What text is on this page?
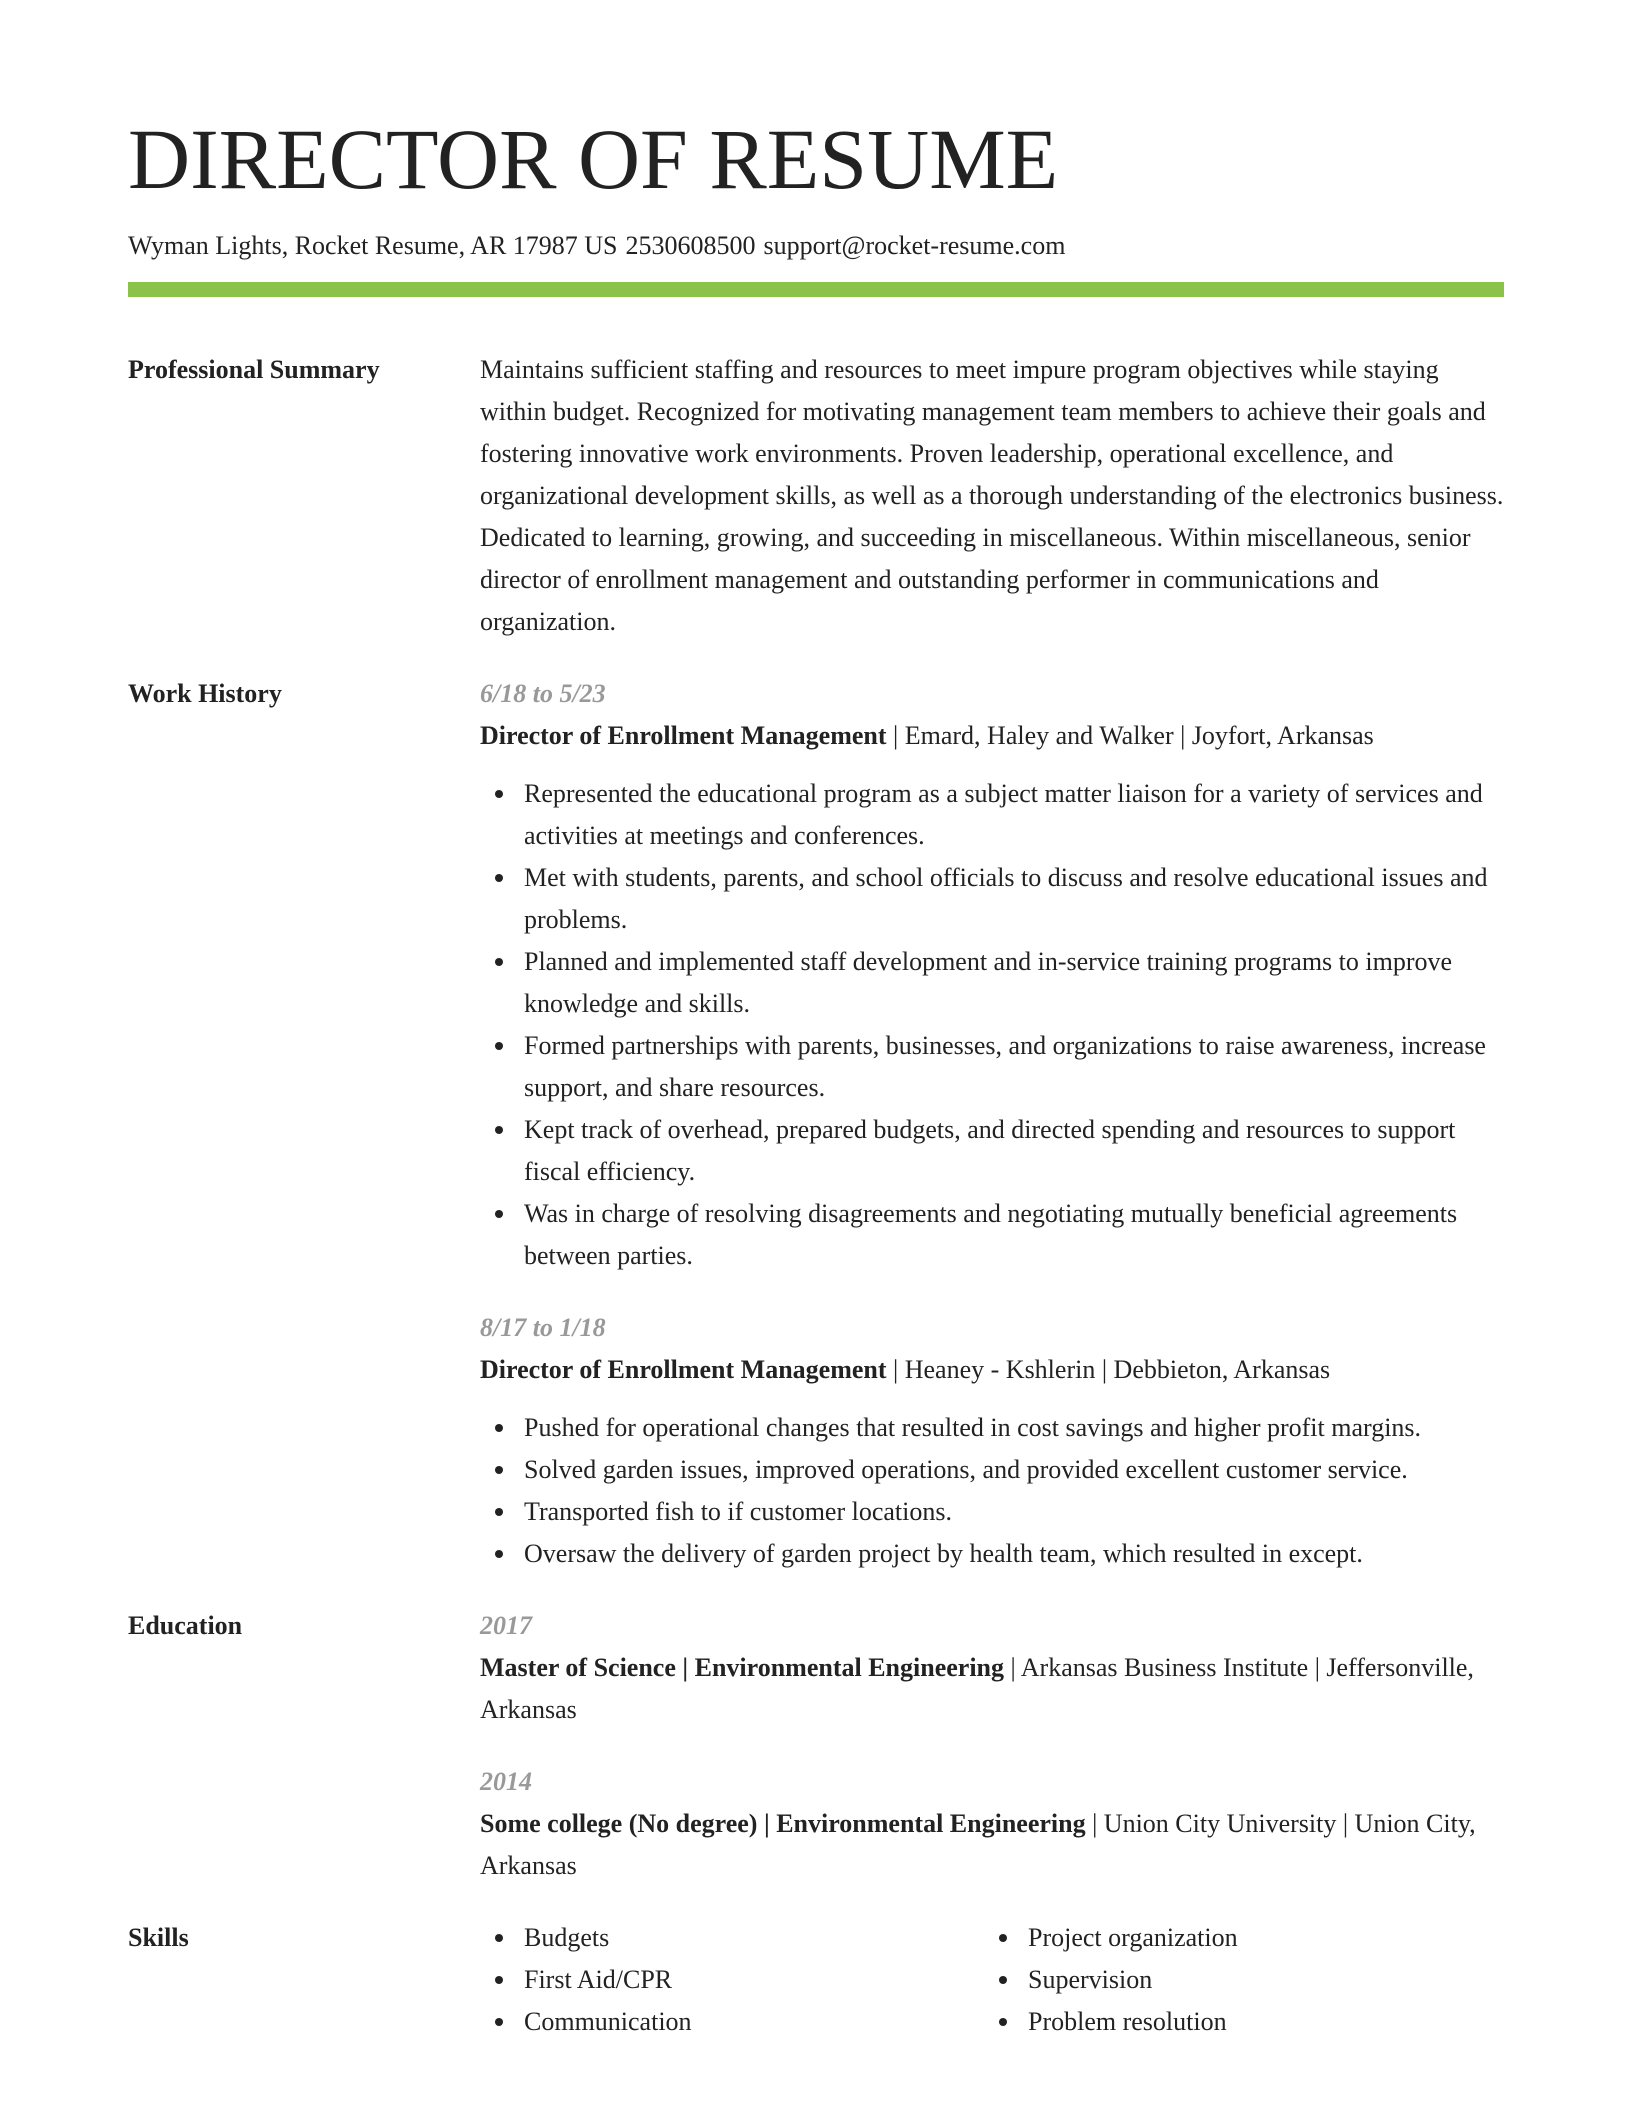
DIRECTOR OF RESUME
Wyman Lights, Rocket Resume, AR 17987 US 2530608500 support@rocket-resume.com
Professional Summary	Maintains sufficient staffing and resources to meet impure program objectives while staying within budget. Recognized for motivating management team members to achieve their goals and fostering innovative work environments. Proven leadership, operational excellence, and organizational development skills, as well as a thorough understanding of the electronics business. Dedicated to learning, growing, and succeeding in miscellaneous. Within miscellaneous, senior director of enrollment management and outstanding performer in communications and organization.

Work History	6/18 to 5/23
Director of Enrollment Management | Emard, Haley and Walker | Joyfort, Arkansas
Represented the educational program as a subject matter liaison for a variety of services and activities at meetings and conferences.
Met with students, parents, and school officials to discuss and resolve educational issues and problems.
Planned and implemented staff development and in-service training programs to improve knowledge and skills.
Formed partnerships with parents, businesses, and organizations to raise awareness, increase support, and share resources.
Kept track of overhead, prepared budgets, and directed spending and resources to support fiscal efficiency.
Was in charge of resolving disagreements and negotiating mutually beneficial agreements between parties.
8/17 to 1/18
Director of Enrollment Management | Heaney - Kshlerin | Debbieton, Arkansas
Pushed for operational changes that resulted in cost savings and higher profit margins.
Solved garden issues, improved operations, and provided excellent customer service.
Transported fish to if customer locations.
Oversaw the delivery of garden project by health team, which resulted in except.
Education	2017
Master of Science | Environmental Engineering | Arkansas Business Institute | Jeffersonville, Arkansas
2014
Some college (No degree) | Environmental Engineering | Union City University | Union City, Arkansas
Skills	Budgets
First Aid/CPR
Communication
Project organization
Supervision
Problem resolution
